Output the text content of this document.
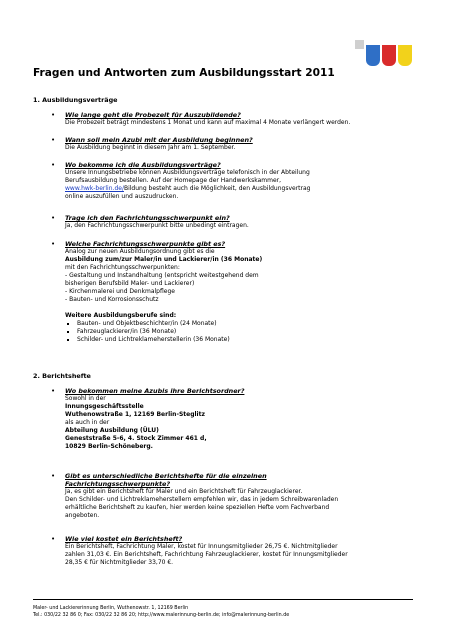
Fragen und Antworten zum Ausbildungsstart 2011
1. Ausbildungsverträge
• Wie lange geht die Probezeit für Auszubildende?
Die Probezeit beträgt mindestens 1 Monat und kann auf maximal 4 Monate verlängert werden.
• Wann soll mein Azubi mit der Ausbildung beginnen?
Die Ausbildung beginnt in diesem Jahr am 1. September.
• Wo bekomme ich die Ausbildungsverträge?
Unsere Innungsbetriebe können Ausbildungsverträge telefonisch in der Abteilung
Berufsausbildung bestellen. Auf der Homepage der Handwerkskammer,
www.hwk-berlin.de/Bildung besteht auch die Möglichkeit, den Ausbildungsvertrag
online auszufüllen und auszudrucken.
• Trage ich den Fachrichtungsschwerpunkt ein?
Ja, den Fachrichtungsschwerpunkt bitte unbedingt eintragen.
• Welche Fachrichtungsschwerpunkte gibt es?
Analog zur neuen Ausbildungsordnung gibt es die
Ausbildung zum/zur Maler/in und Lackierer/in (36 Monate)
mit den Fachrichtungsschwerpunkten:
- Gestaltung und Instandhaltung (entspricht weitestgehend dem
bisherigen Berufsbild Maler- und Lackierer)
- Kirchenmalerei und Denkmalpflege
- Bauten- und Korrosionsschutz
Weitere Ausbildungsberufe sind:
Bauten- und Objektbeschichter/in (24 Monate)
Fahrzeuglackierer/in (36 Monate)
Schilder- und Lichtreklameherstellerin (36 Monate)
2. Berichtshefte
• Wo bekommen meine Azubis ihre Berichtsordner?
Sowohl in der
Innungsgeschäftsstelle
Wuthenowstraße 1, 12169 Berlin-Steglitz
als auch in der
Abteilung Ausbildung (ÜLU)
Geneststraße 5-6, 4. Stock Zimmer 461 d,
10829 Berlin-Schöneberg.
• Gibt es unterschiedliche Berichtshefte für die einzelnen
Fachrichtungsschwerpunkte?
Ja, es gibt ein Berichtsheft für Maler und ein Berichtsheft für Fahrzeuglackierer.
Den Schilder- und Lichtreklameherstellern empfehlen wir, das in jedem Schreibwarenladen
erhältliche Berichtsheft zu kaufen, hier werden keine speziellen Hefte vom Fachverband
angeboten.
• Wie viel kostet ein Berichtsheft?
Ein Berichtsheft, Fachrichtung Maler, kostet für Innungsmitglieder 26,75 €. Nichtmitglieder
zahlen 31,03 €. Ein Berichtsheft, Fachrichtung Fahrzeuglackierer, kostet für Innungsmitglieder
28,35 € für Nichtmitglieder 33,70 €.
Maler- und Lackiererinnung Berlin, Wuthenowstr. 1, 12169 Berlin
Tel.: 030/22 32 86 0; Fax: 030/22 32 86 20; http://www.malerinnung-berlin.de; info@malerinnung-berlin.de
